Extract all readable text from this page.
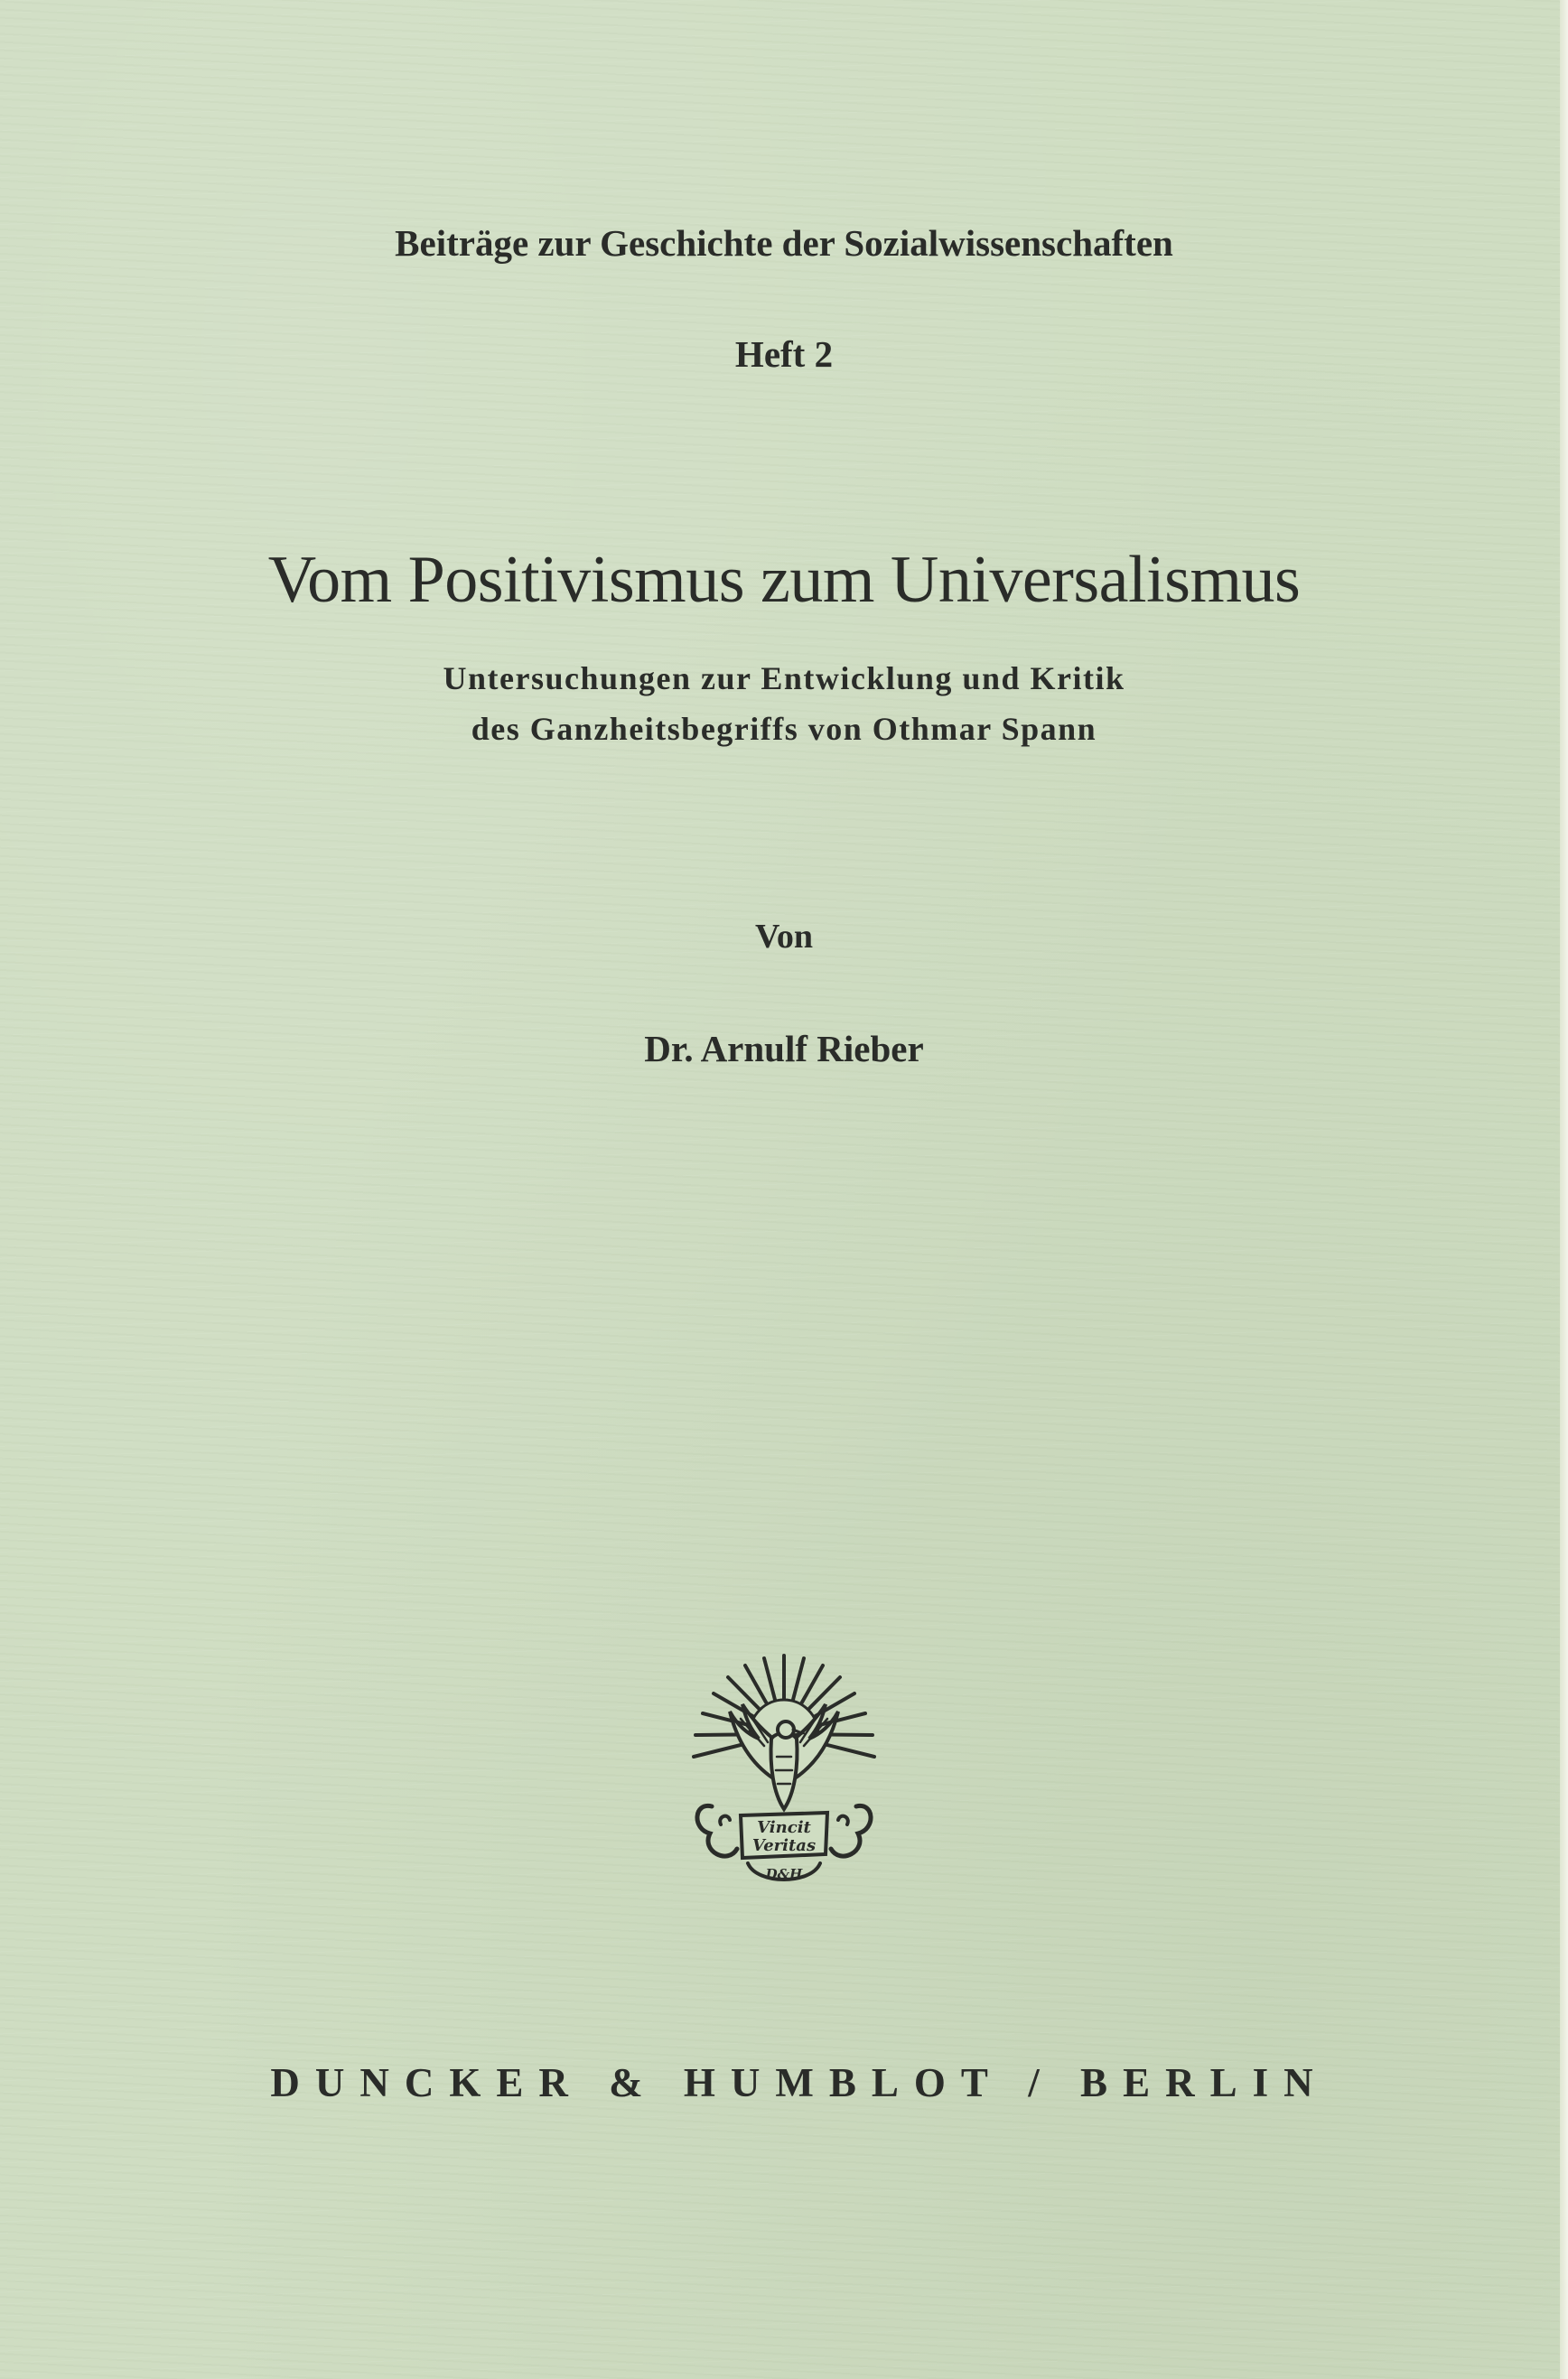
Beiträge zur Geschichte der Sozialwissenschaften
Heft 2
Vom Positivismus zum Universalismus
Untersuchungen zur Entwicklung und Kritik
des Ganzheitsbegriffs von Othmar Spann
Von
Dr. Arnulf Rieber
Vincit
Veritas
D&H
DUNCKER & HUMBLOT / BERLIN
